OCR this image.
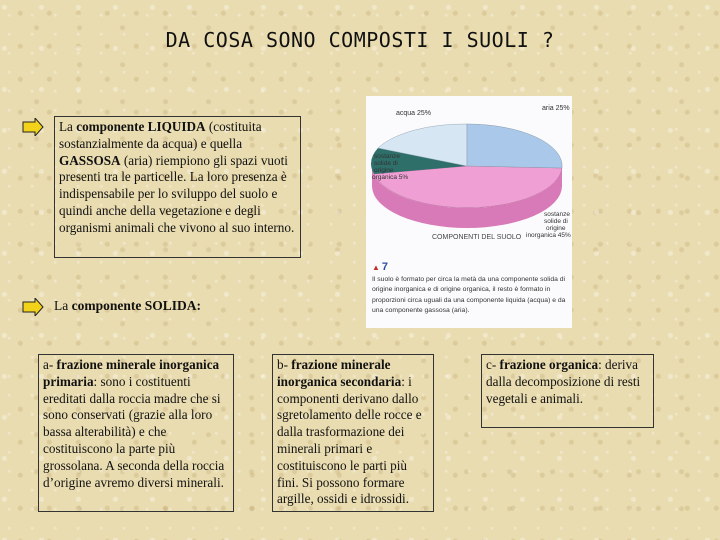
DA COSA SONO COMPOSTI I SUOLI ?
La componente LIQUIDA (costituita sostanzialmente da acqua) e quella GASSOSA (aria) riempiono gli spazi vuoti presenti tra le particelle. La loro presenza è indispensabile per lo sviluppo del suolo e quindi anche della vegetazione e degli organismi animali che vivono al suo interno.
La componente SOLIDA:
acqua 25%
aria 25%
sostanze
solide di
origine
organica 5%
sostanze
solide di
origine
inorganica 45%
COMPONENTI DEL SUOLO
▲ 7
Il suolo è formato per circa la metà da una componente solida di origine inorganica e di origine organica, il resto è formato in proporzioni circa uguali da una componente liquida (acqua) e da una componente gassosa (aria).
a- frazione minerale inorganica primaria: sono i costituenti ereditati dalla roccia madre che si sono conservati (grazie alla loro bassa alterabilità) e che costituiscono la parte più grossolana. A seconda della roccia d’origine avremo diversi minerali.
b- frazione minerale inorganica secondaria: i componenti derivano dallo sgretolamento delle rocce e dalla trasformazione dei minerali primari e costituiscono le parti più fini. Si possono formare argille, ossidi e idrossidi.
c- frazione organica: deriva dalla decomposizione di resti vegetali e animali.
